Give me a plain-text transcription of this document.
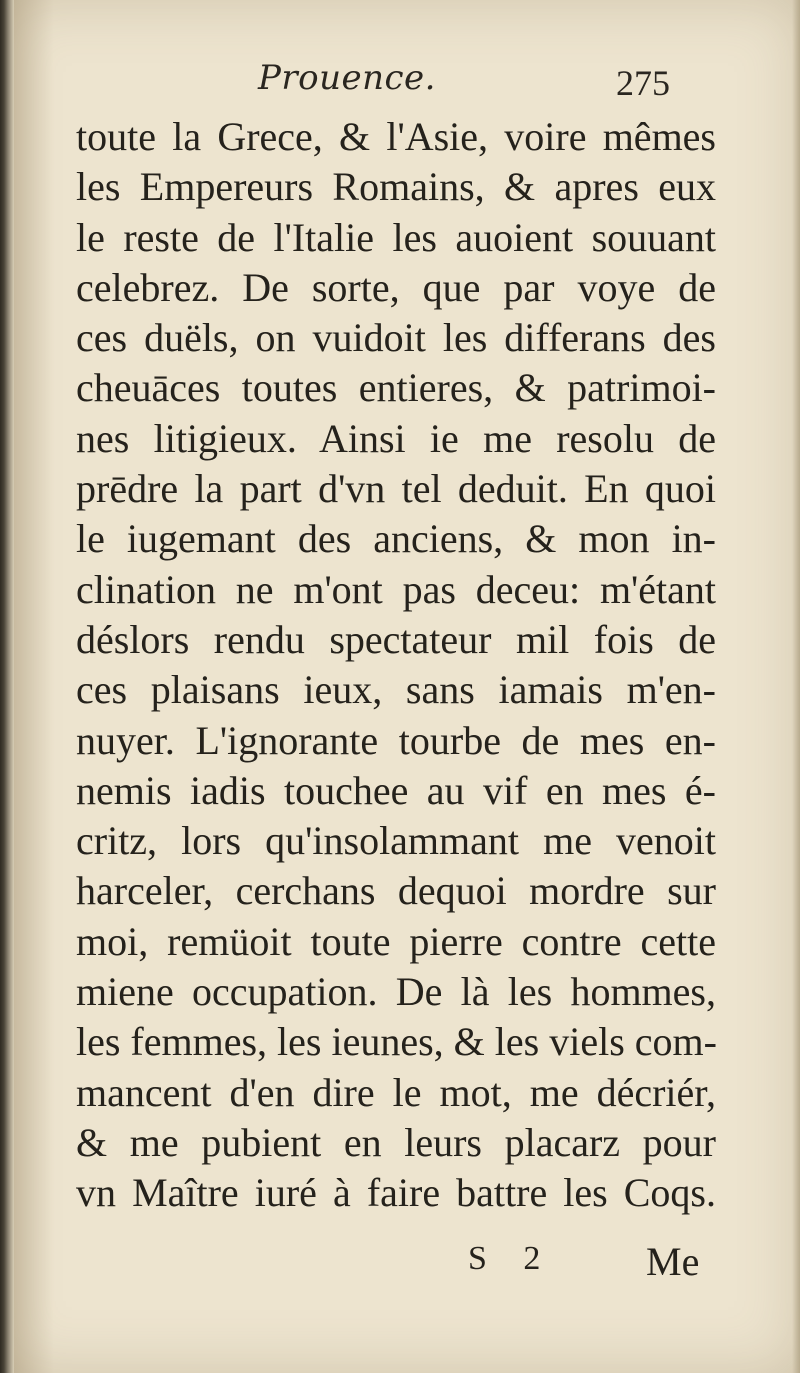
Prouence.	275
toute la Grece, & l'Asie, voire mêmes
les Empereurs Romains, & apres eux
le reste de l'Italie les auoient souuant
celebrez. De sorte, que par voye de
ces duëls, on vuidoit les differans des
cheuāces toutes entieres, & patrimoi-
nes litigieux. Ainsi ie me resolu de
prēdre la part d'vn tel deduit. En quoi
le iugemant des anciens, & mon in-
clination ne m'ont pas deceu: m'étant
déslors rendu spectateur mil fois de
ces plaisans ieux, sans iamais m'en-
nuyer. L'ignorante tourbe de mes en-
nemis iadis touchee au vif en mes é-
critz, lors qu'insolammant me venoit
harceler, cerchans dequoi mordre sur
moi, remüoit toute pierre contre cette
miene occupation. De là les hommes,
les femmes, les ieunes, & les viels com-
mancent d'en dire le mot, me décriér,
& me pubient en leurs placarz pour
vn Maître iuré à faire battre les Coqs.
S 2 Me
